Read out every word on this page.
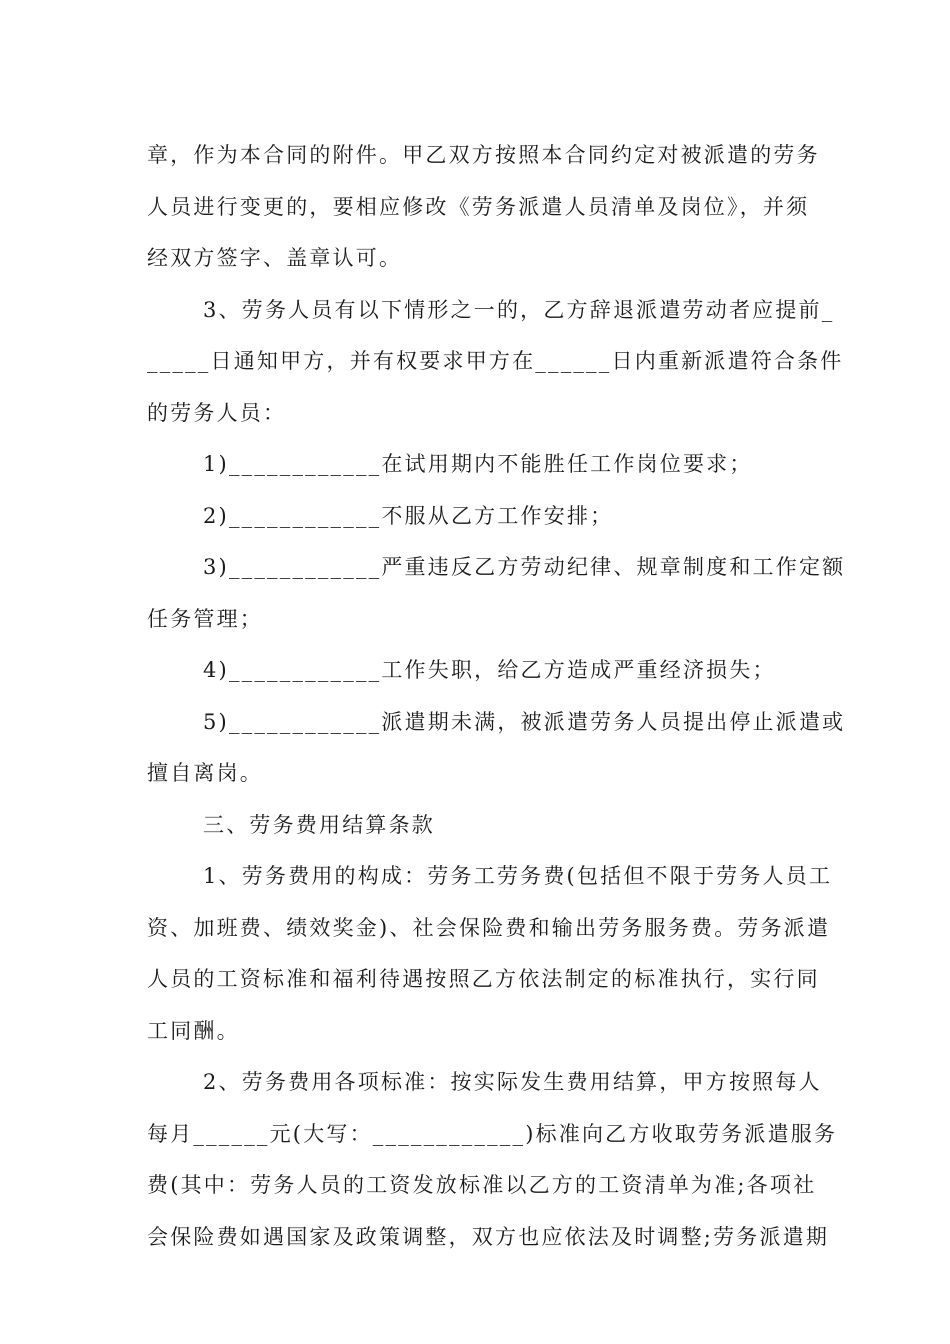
章，作为本合同的附件。甲乙双方按照本合同约定对被派遣的劳务
人员进行变更的，要相应修改《劳务派遣人员清单及岗位》，并须
经双方签字、盖章认可。
3、劳务人员有以下情形之一的，乙方辞退派遣劳动者应提前_
_____日通知甲方，并有权要求甲方在______日内重新派遣符合条件
的劳务人员：
1)____________在试用期内不能胜任工作岗位要求；
2)____________不服从乙方工作安排；
3)____________严重违反乙方劳动纪律、规章制度和工作定额
任务管理；
4)____________工作失职，给乙方造成严重经济损失；
5)____________派遣期未满，被派遣劳务人员提出停止派遣或
擅自离岗。
三、劳务费用结算条款
1、劳务费用的构成：劳务工劳务费(包括但不限于劳务人员工
资、加班费、绩效奖金)、社会保险费和输出劳务服务费。劳务派遣
人员的工资标准和福利待遇按照乙方依法制定的标准执行，实行同
工同酬。
2、劳务费用各项标准：按实际发生费用结算，甲方按照每人
每月______元(大写：____________)标准向乙方收取劳务派遣服务
费(其中：劳务人员的工资发放标准以乙方的工资清单为准;各项社
会保险费如遇国家及政策调整，双方也应依法及时调整;劳务派遣期
